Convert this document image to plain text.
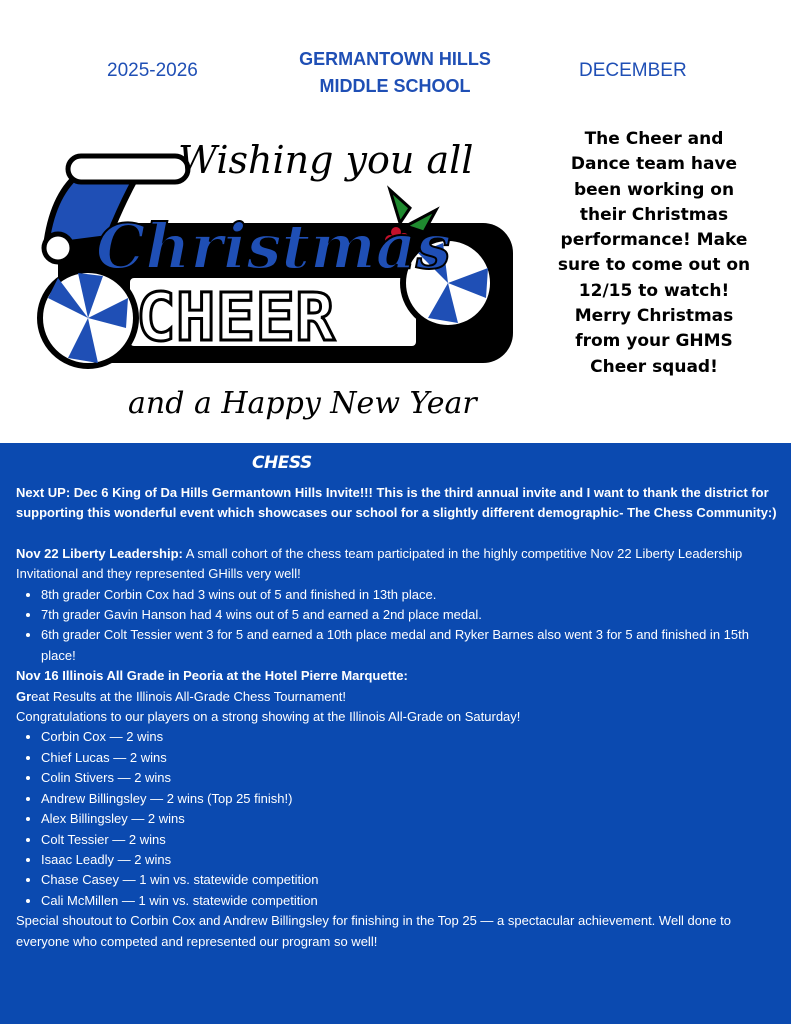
2025-2026
GERMANTOWN HILLS
MIDDLE SCHOOL
DECEMBER
Wishing you all
Christmas
CHEER
and a Happy New Year
The Cheer and Dance team have been working on their Christmas performance! Make sure to come out on 12/15 to watch! Merry Christmas from your GHMS Cheer squad!
CHESS

Next UP: Dec 6 King of Da Hills Germantown Hills Invite!!! This is the third annual invite and I want to thank the district for supporting this wonderful event which showcases our school for a slightly different demographic- The Chess Community:)

Nov 22 Liberty Leadership: A small cohort of the chess team participated in the highly competitive Nov 22 Liberty Leadership Invitational and they represented GHills very well!

• 8th grader Corbin Cox had 3 wins out of 5 and finished in 13th place.
• 7th grader Gavin Hanson had 4 wins out of 5 and earned a 2nd place medal.
• 6th grader Colt Tessier went 3 for 5 and earned a 10th place medal and Ryker Barnes also went 3 for 5 and finished in 15th place!

Nov 16 Illinois All Grade in Peoria at the Hotel Pierre Marquette:

Great Results at the Illinois All-Grade Chess Tournament!

Congratulations to our players on a strong showing at the Illinois All-Grade on Saturday!

• Corbin Cox — 2 wins
• Chief Lucas — 2 wins
• Colin Stivers — 2 wins
• Andrew Billingsley — 2 wins (Top 25 finish!)
• Alex Billingsley — 2 wins
• Colt Tessier — 2 wins
• Isaac Leadly — 2 wins
• Chase Casey — 1 win vs. statewide competition
• Cali McMillen — 1 win vs. statewide competition

Special shoutout to Corbin Cox and Andrew Billingsley for finishing in the Top 25 — a spectacular achievement. Well done to everyone who competed and represented our program so well!
